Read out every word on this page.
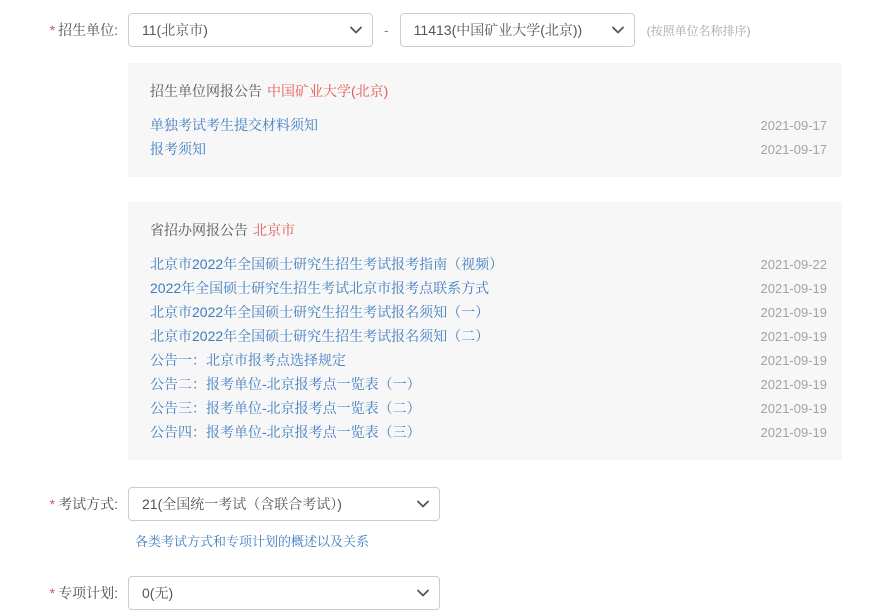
* 招生单位:	11(北京市)	- 11413(中国矿业大学(北京))	(按照单位名称排序)
招生单位网报公告 中国矿业大学(北京)
单独考试考生提交材料须知	2021-09-17
报考须知	2021-09-17
省招办网报公告 北京市
北京市2022年全国硕士研究生招生考试报考指南（视频）	2021-09-22
2022年全国硕士研究生招生考试北京市报考点联系方式	2021-09-19
北京市2022年全国硕士研究生招生考试报名须知（一）	2021-09-19
北京市2022年全国硕士研究生招生考试报名须知（二）	2021-09-19
公告一：北京市报考点选择规定	2021-09-19
公告二：报考单位-北京报考点一览表（一）	2021-09-19
公告三：报考单位-北京报考点一览表（二）	2021-09-19
公告四：报考单位-北京报考点一览表（三）	2021-09-19
* 考试方式:	21(全国统一考试（含联合考试）)
各类考试方式和专项计划的概述以及关系
* 专项计划:	0(无)
